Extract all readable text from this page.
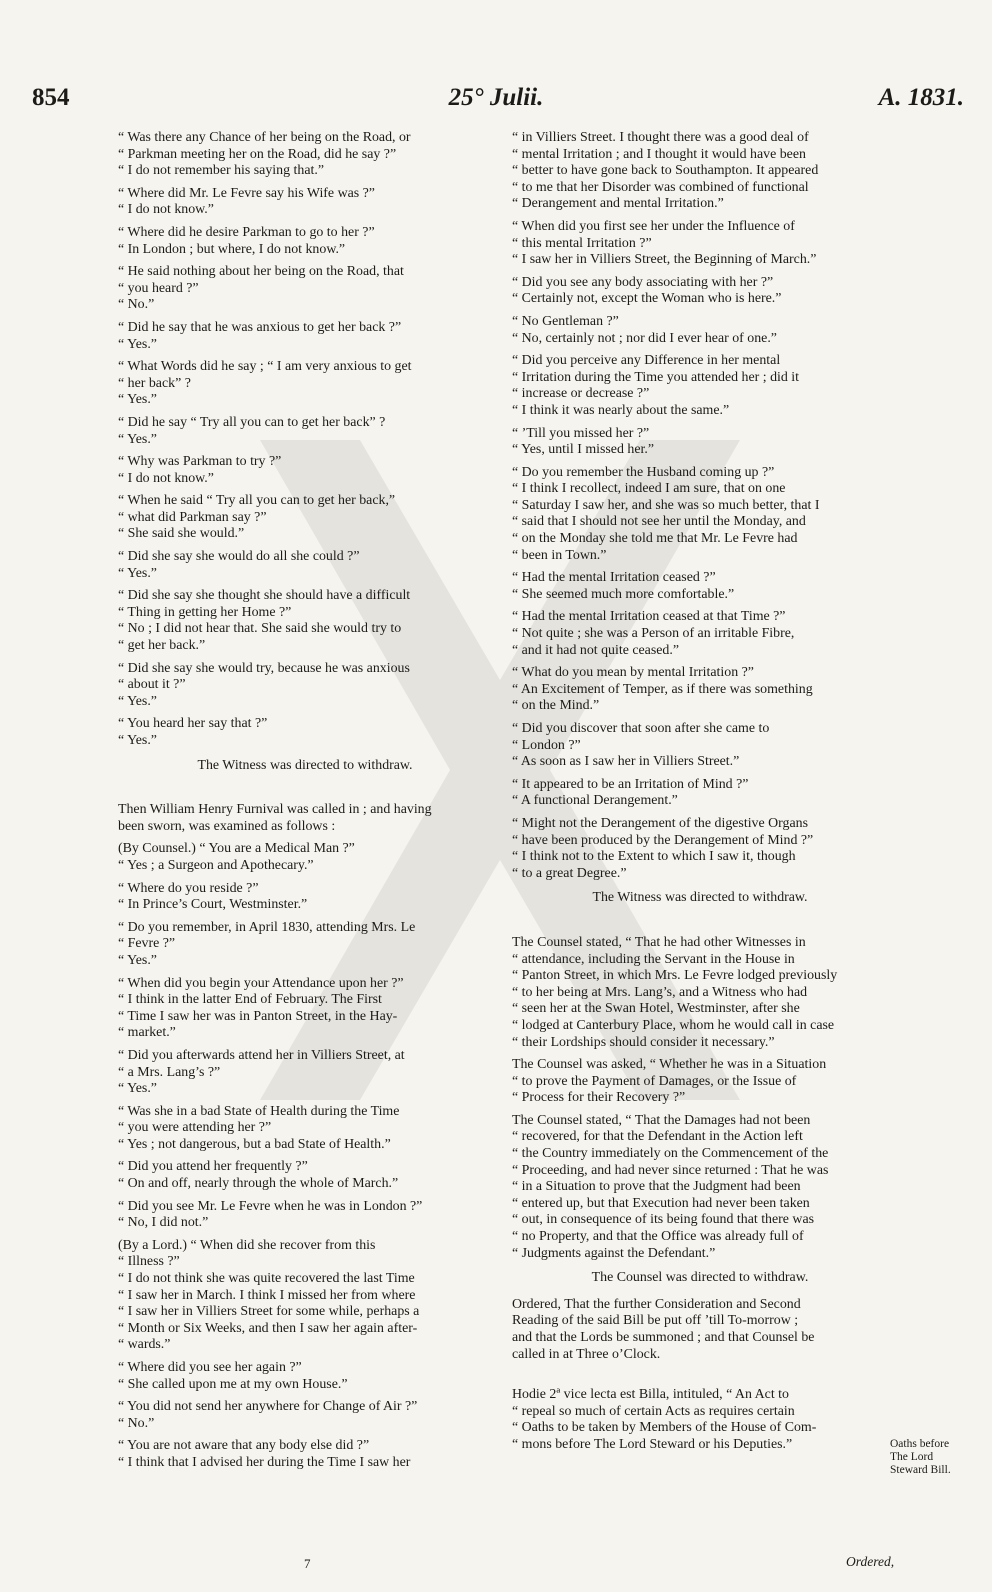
854	25° Julii.	A. 1831.

“ Was there any Chance of her being on the Road, or
“ Parkman meeting her on the Road, did he say ?”
“ I do not remember his saying that.”

“ Where did Mr. Le Fevre say his Wife was ?”
“ I do not know.”

“ Where did he desire Parkman to go to her ?”
“ In London ; but where, I do not know.”

“ He said nothing about her being on the Road, that
“ you heard ?”
“ No.”

“ Did he say that he was anxious to get her back ?”
“ Yes.”

“ What Words did he say ; “ I am very anxious to get
“ her back” ?
“ Yes.”

“ Did he say “ Try all you can to get her back” ?
“ Yes.”

“ Why was Parkman to try ?”
“ I do not know.”

“ When he said “ Try all you can to get her back,”
“ what did Parkman say ?”
“ She said she would.”

“ Did she say she would do all she could ?”
“ Yes.”

“ Did she say she thought she should have a difficult
“ Thing in getting her Home ?”
“ No ; I did not hear that. She said she would try to
“ get her back.”

“ Did she say she would try, because he was anxious
“ about it ?”
“ Yes.”

“ You heard her say that ?”
“ Yes.”

The Witness was directed to withdraw.

Then William Henry Furnival was called in ; and having
been sworn, was examined as follows :

(By Counsel.) “ You are a Medical Man ?”
“ Yes ; a Surgeon and Apothecary.”

“ Where do you reside ?”
“ In Prince’s Court, Westminster.”

“ Do you remember, in April 1830, attending Mrs. Le
“ Fevre ?”
“ Yes.”

“ When did you begin your Attendance upon her ?”
“ I think in the latter End of February. The First
“ Time I saw her was in Panton Street, in the Hay-
“ market.”

“ Did you afterwards attend her in Villiers Street, at
“ a Mrs. Lang’s ?”
“ Yes.”

“ Was she in a bad State of Health during the Time
“ you were attending her ?”
“ Yes ; not dangerous, but a bad State of Health.”

“ Did you attend her frequently ?”
“ On and off, nearly through the whole of March.”

“ Did you see Mr. Le Fevre when he was in London ?”
“ No, I did not.”

(By a Lord.) “ When did she recover from this
“ Illness ?”
“ I do not think she was quite recovered the last Time
“ I saw her in March. I think I missed her from where
“ I saw her in Villiers Street for some while, perhaps a
“ Month or Six Weeks, and then I saw her again after-
“ wards.”

“ Where did you see her again ?”
“ She called upon me at my own House.”

“ You did not send her anywhere for Change of Air ?”
“ No.”

“ You are not aware that any body else did ?”
“ I think that I advised her during the Time I saw her

“ in Villiers Street. I thought there was a good deal of
“ mental Irritation ; and I thought it would have been
“ better to have gone back to Southampton. It appeared
“ to me that her Disorder was combined of functional
“ Derangement and mental Irritation.”

“ When did you first see her under the Influence of
“ this mental Irritation ?”
“ I saw her in Villiers Street, the Beginning of March.”

“ Did you see any body associating with her ?”
“ Certainly not, except the Woman who is here.”

“ No Gentleman ?”
“ No, certainly not ; nor did I ever hear of one.”

“ Did you perceive any Difference in her mental
“ Irritation during the Time you attended her ; did it
“ increase or decrease ?”
“ I think it was nearly about the same.”

“ ’Till you missed her ?”
“ Yes, until I missed her.”

“ Do you remember the Husband coming up ?”
“ I think I recollect, indeed I am sure, that on one
“ Saturday I saw her, and she was so much better, that I
“ said that I should not see her until the Monday, and
“ on the Monday she told me that Mr. Le Fevre had
“ been in Town.”

“ Had the mental Irritation ceased ?”
“ She seemed much more comfortable.”

“ Had the mental Irritation ceased at that Time ?”
“ Not quite ; she was a Person of an irritable Fibre,
“ and it had not quite ceased.”

“ What do you mean by mental Irritation ?”
“ An Excitement of Temper, as if there was something
“ on the Mind.”

“ Did you discover that soon after she came to
“ London ?”
“ As soon as I saw her in Villiers Street.”

“ It appeared to be an Irritation of Mind ?”
“ A functional Derangement.”

“ Might not the Derangement of the digestive Organs
“ have been produced by the Derangement of Mind ?”
“ I think not to the Extent to which I saw it, though
“ to a great Degree.”

The Witness was directed to withdraw.

The Counsel stated, “ That he had other Witnesses in
“ attendance, including the Servant in the House in
“ Panton Street, in which Mrs. Le Fevre lodged previously
“ to her being at Mrs. Lang’s, and a Witness who had
“ seen her at the Swan Hotel, Westminster, after she
“ lodged at Canterbury Place, whom he would call in case
“ their Lordships should consider it necessary.”

The Counsel was asked, “ Whether he was in a Situation
“ to prove the Payment of Damages, or the Issue of
“ Process for their Recovery ?”

The Counsel stated, “ That the Damages had not been
“ recovered, for that the Defendant in the Action left
“ the Country immediately on the Commencement of the
“ Proceeding, and had never since returned : That he was
“ in a Situation to prove that the Judgment had been
“ entered up, but that Execution had never been taken
“ out, in consequence of its being found that there was
“ no Property, and that the Office was already full of
“ Judgments against the Defendant.”

The Counsel was directed to withdraw.

Ordered, That the further Consideration and Second
Reading of the said Bill be put off ’till To-morrow ;
and that the Lords be summoned ; and that Counsel be
called in at Three o’Clock.

Hodie 2ª vice lecta est Billa, intituled, “ An Act to
“ repeal so much of certain Acts as requires certain
“ Oaths to be taken by Members of the House of Com-
“ mons before The Lord Steward or his Deputies.”	Oaths before
The Lord
Steward Bill.
7	Ordered,
